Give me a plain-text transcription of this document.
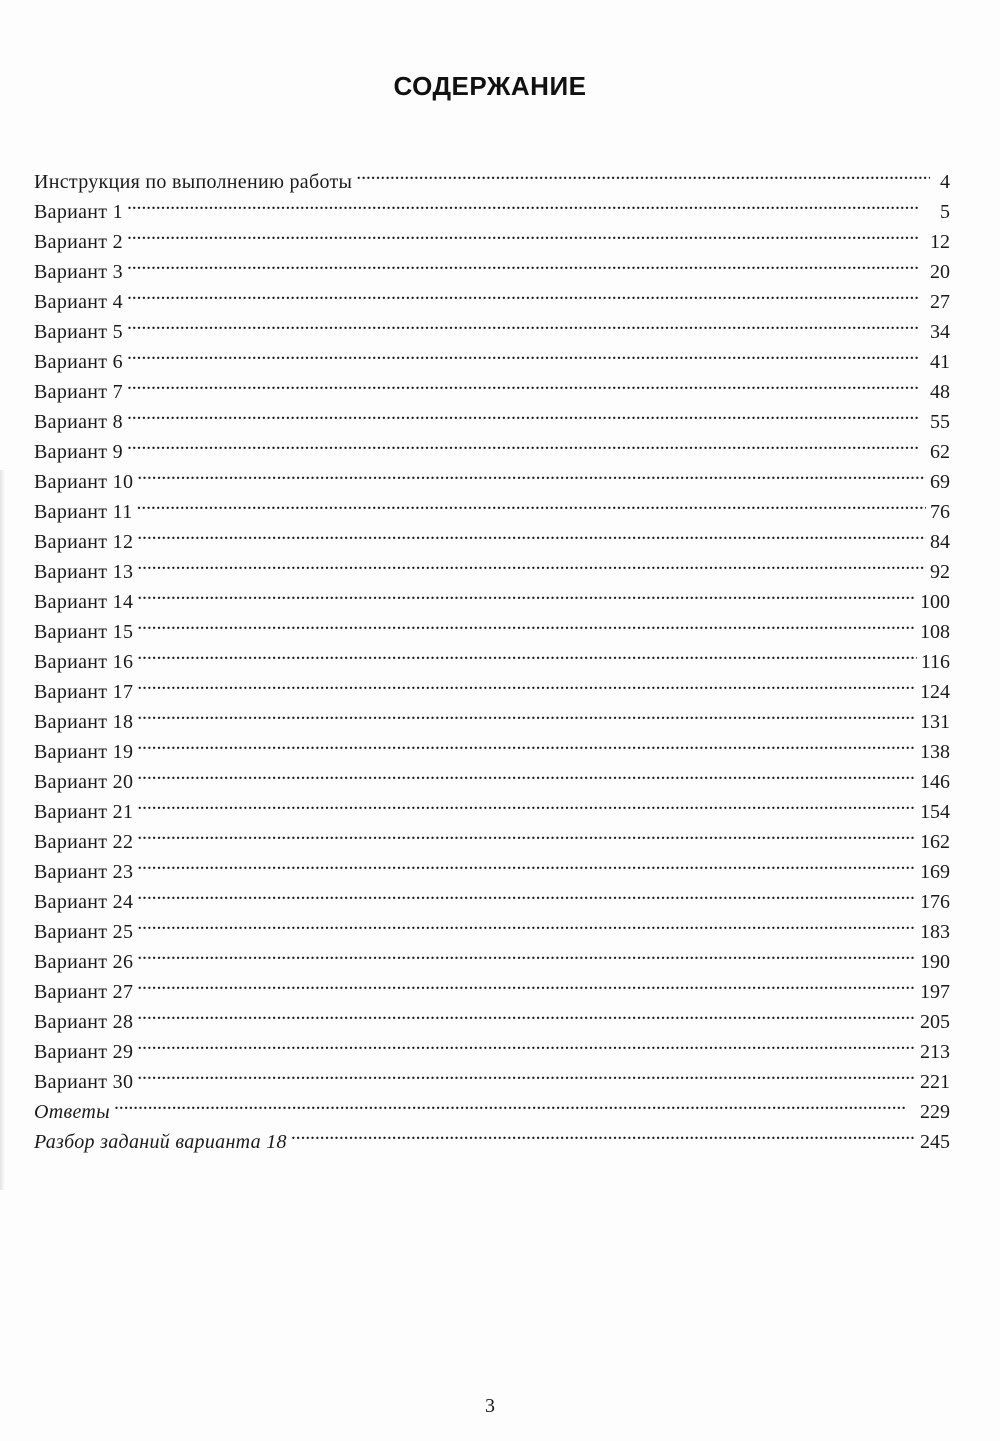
СОДЕРЖАНИЕ
Инструкция по выполнению работы . . .	4
Вариант 1 . . .	5
Вариант 2 . . .	12
Вариант 3 . . .	20
Вариант 4 . . .	27
Вариант 5 . . .	34
Вариант 6 . . .	41
Вариант 7 . . .	48
Вариант 8 . . .	55
Вариант 9 . . .	62
Вариант 10 . . .	69
Вариант 11 . . .	76
Вариант 12 . . .	84
Вариант 13 . . .	92
Вариант 14 . . .	100
Вариант 15 . . .	108
Вариант 16 . . .	116
Вариант 17 . . .	124
Вариант 18 . . .	131
Вариант 19 . . .	138
Вариант 20 . . .	146
Вариант 21 . . .	154
Вариант 22 . . .	162
Вариант 23 . . .	169
Вариант 24 . . .	176
Вариант 25 . . .	183
Вариант 26 . . .	190
Вариант 27 . . .	197
Вариант 28 . . .	205
Вариант 29 . . .	213
Вариант 30 . . .	221
Ответы . . .	229
Разбор заданий варианта 18 . . .	245
3
